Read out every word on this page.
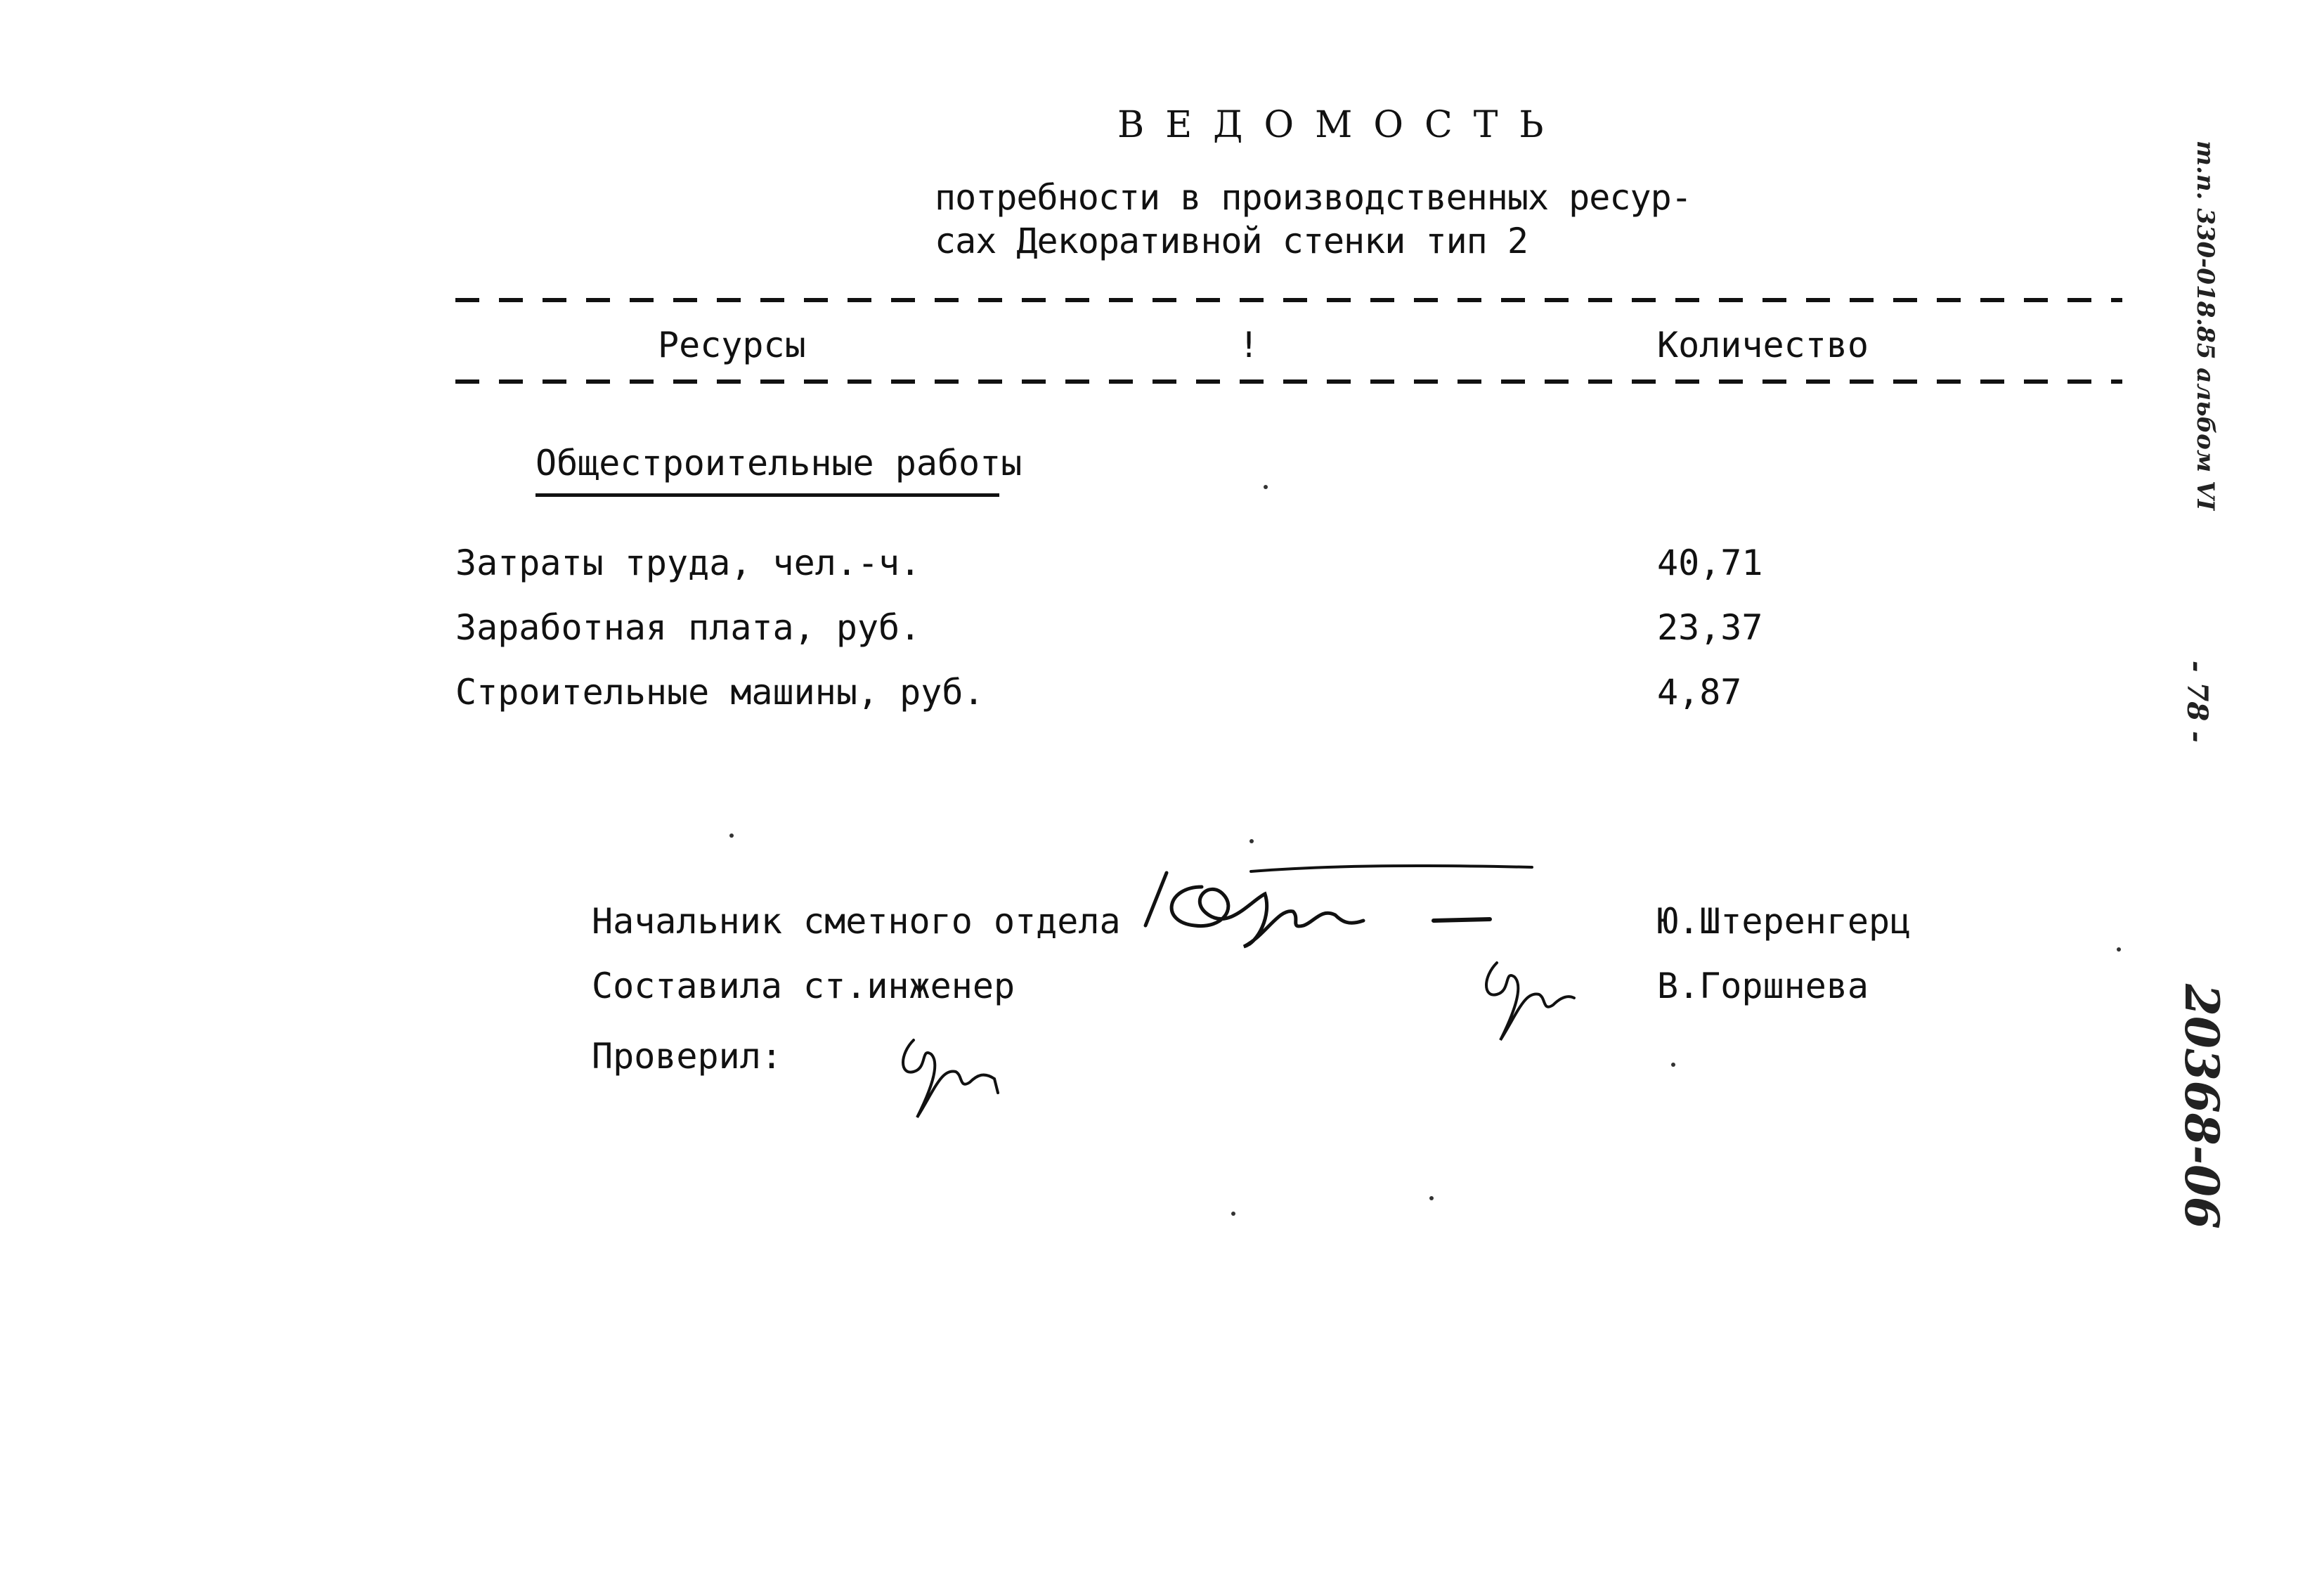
ВЕДОМОСТЬ
потребности в производственных ресур-
сах Декоративной стенки тип 2
Ресурсы	!	Количество
Общестроительные работы
Затраты труда, чел.-ч.	40,71
Заработная плата, руб.	23,37
Строительные машины, руб.	4,87
Начальник сметного отдела	Ю.Штеренгерц
Составила ст.инженер	В.Горшнева
Проверил:
т.п. 330-018.85 альбом VI
- 78 -
20368-06
